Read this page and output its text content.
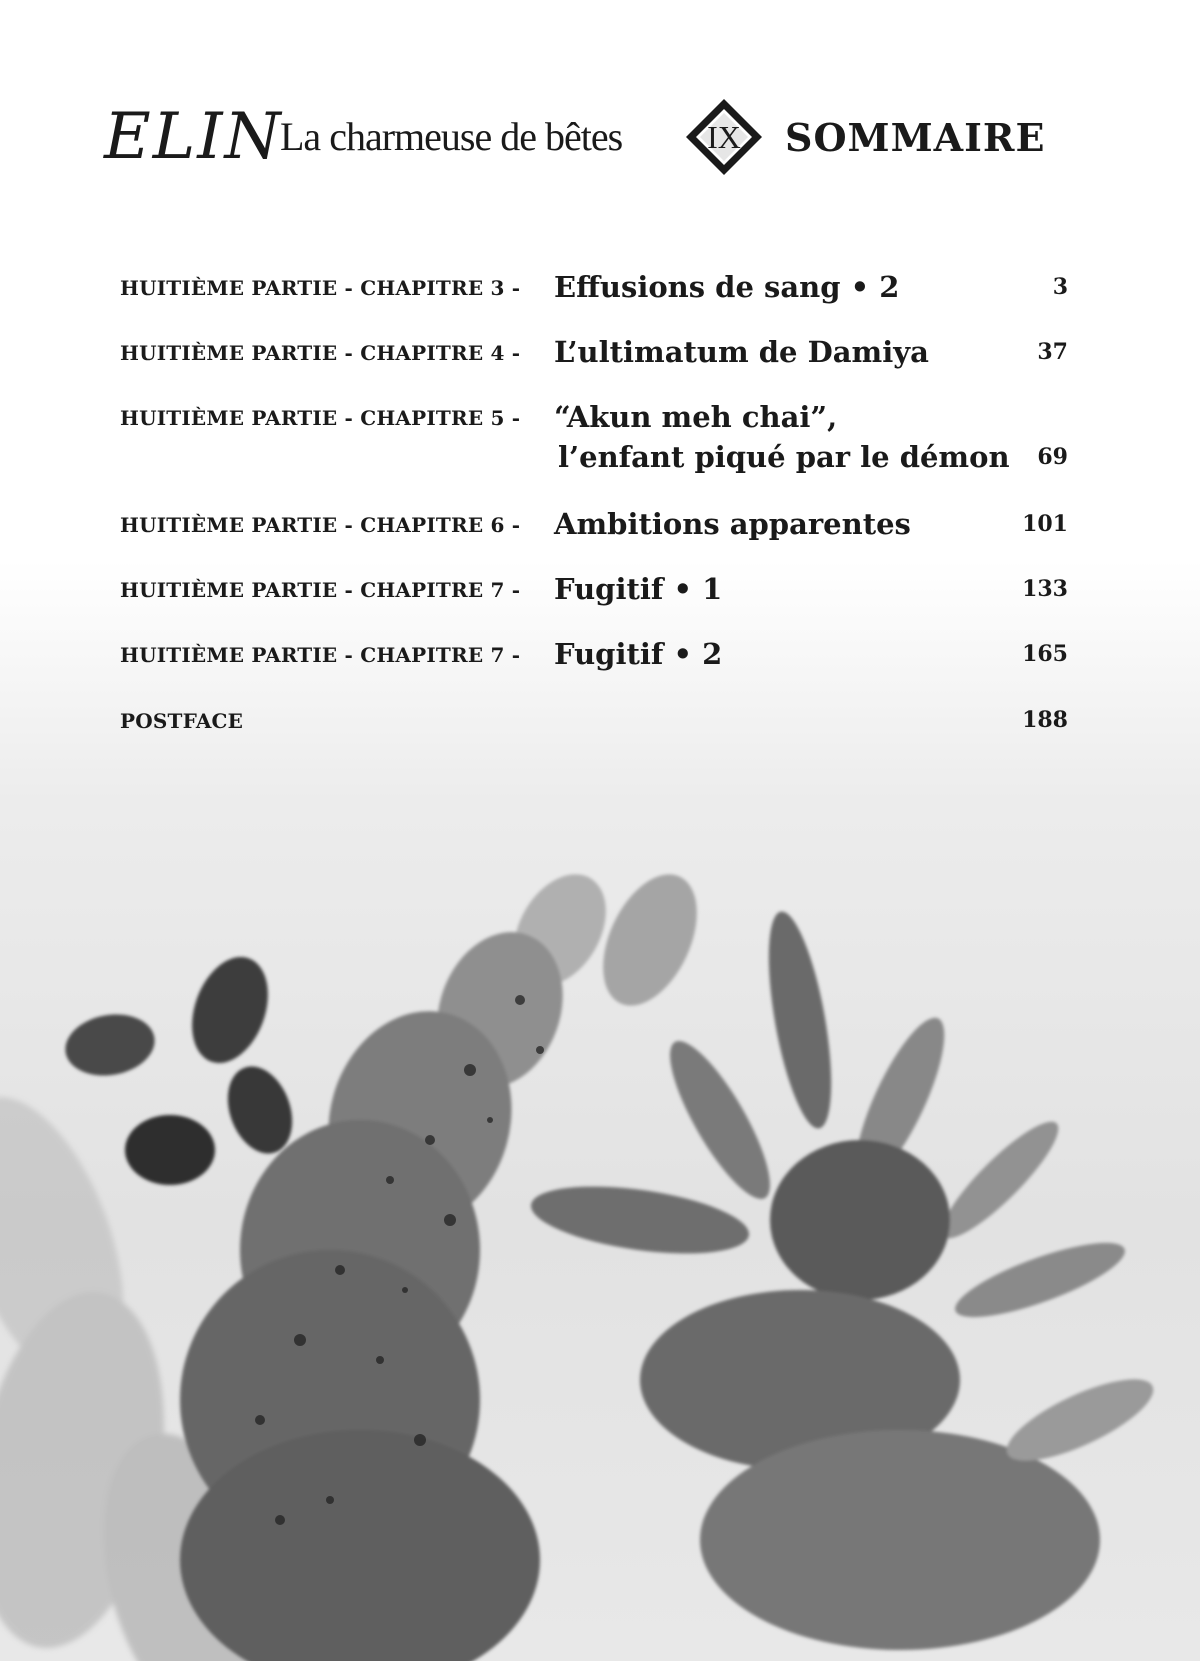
ELIN
La charmeuse de bêtes	IX	SOMMAIRE
HUITIÈME PARTIE - CHAPITRE 3 - Effusions de sang • 2	3
HUITIÈME PARTIE - CHAPITRE 4 - L’ultimatum de Damiya	37
HUITIÈME PARTIE - CHAPITRE 5 - “Akun meh chai”,
l’enfant piqué par le démon 69
HUITIÈME PARTIE - CHAPITRE 6 - Ambitions apparentes	101
HUITIÈME PARTIE - CHAPITRE 7 - Fugitif • 1	133
HUITIÈME PARTIE - CHAPITRE 7 - Fugitif • 2	165
POSTFACE	188
